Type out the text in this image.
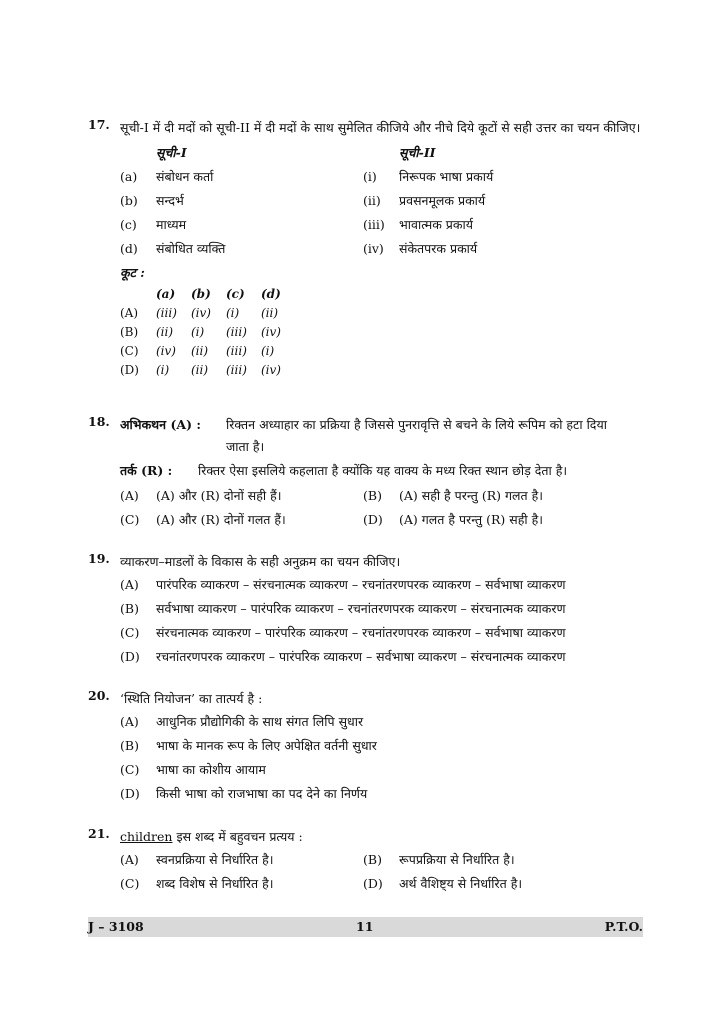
17. सूची-I में दी मदों को सूची-II में दी मदों के साथ सुमेलित कीजिये और नीचे दिये कूटों से सही उत्तर का चयन कीजिए।
सूची-I	सूची-II
(a) संबोधन कर्ता	(i) निरूपक भाषा प्रकार्य
(b) सन्दर्भ	(ii) प्रवसनमूलक प्रकार्य
(c) माध्यम	(iii) भावात्मक प्रकार्य
(d) संबोधित व्यक्ति	(iv) संकेतपरक प्रकार्य
कूट :
(a) (b) (c) (d)
(A) (iii) (iv) (i) (ii)
(B) (ii) (i) (iii) (iv)
(C) (iv) (ii) (iii) (i)
(D) (i) (ii) (iii) (iv)
18. अभिकथन (A) : रिक्तन अध्याहार का प्रक्रिया है जिससे पुनरावृत्ति से बचने के लिये रूपिम को हटा दिया
जाता है।
तर्क (R) : रिक्तर ऐसा इसलिये कहलाता है क्योंकि यह वाक्य के मध्य रिक्त स्थान छोड़ देता है।
(A) (A) और (R) दोनों सही हैं।	(B) (A) सही है परन्तु (R) गलत है।
(C) (A) और (R) दोनों गलत हैं।	(D) (A) गलत है परन्तु (R) सही है।
19. व्याकरण–माडलों के विकास के सही अनुक्रम का चयन कीजिए।
(A) पारंपरिक व्याकरण – संरचनात्मक व्याकरण – रचनांतरणपरक व्याकरण – सर्वभाषा व्याकरण
(B) सर्वभाषा व्याकरण – पारंपरिक व्याकरण – रचनांतरणपरक व्याकरण – संरचनात्मक व्याकरण
(C) संरचनात्मक व्याकरण – पारंपरिक व्याकरण – रचनांतरणपरक व्याकरण – सर्वभाषा व्याकरण
(D) रचनांतरणपरक व्याकरण – पारंपरिक व्याकरण – सर्वभाषा व्याकरण – संरचनात्मक व्याकरण
20. ‘स्थिति नियोजन’ का तात्पर्य है :
(A) आधुनिक प्रौद्योगिकी के साथ संगत लिपि सुधार
(B) भाषा के मानक रूप के लिए अपेक्षित वर्तनी सुधार
(C) भाषा का कोशीय आयाम
(D) किसी भाषा को राजभाषा का पद देने का निर्णय
21. children इस शब्द में बहुवचन प्रत्यय :
(A) स्वनप्रक्रिया से निर्धारित है।	(B) रूपप्रक्रिया से निर्धारित है।
(C) शब्द विशेष से निर्धारित है।	(D) अर्थ वैशिष्ट्य से निर्धारित है।
J – 3108	11	P.T.O.
